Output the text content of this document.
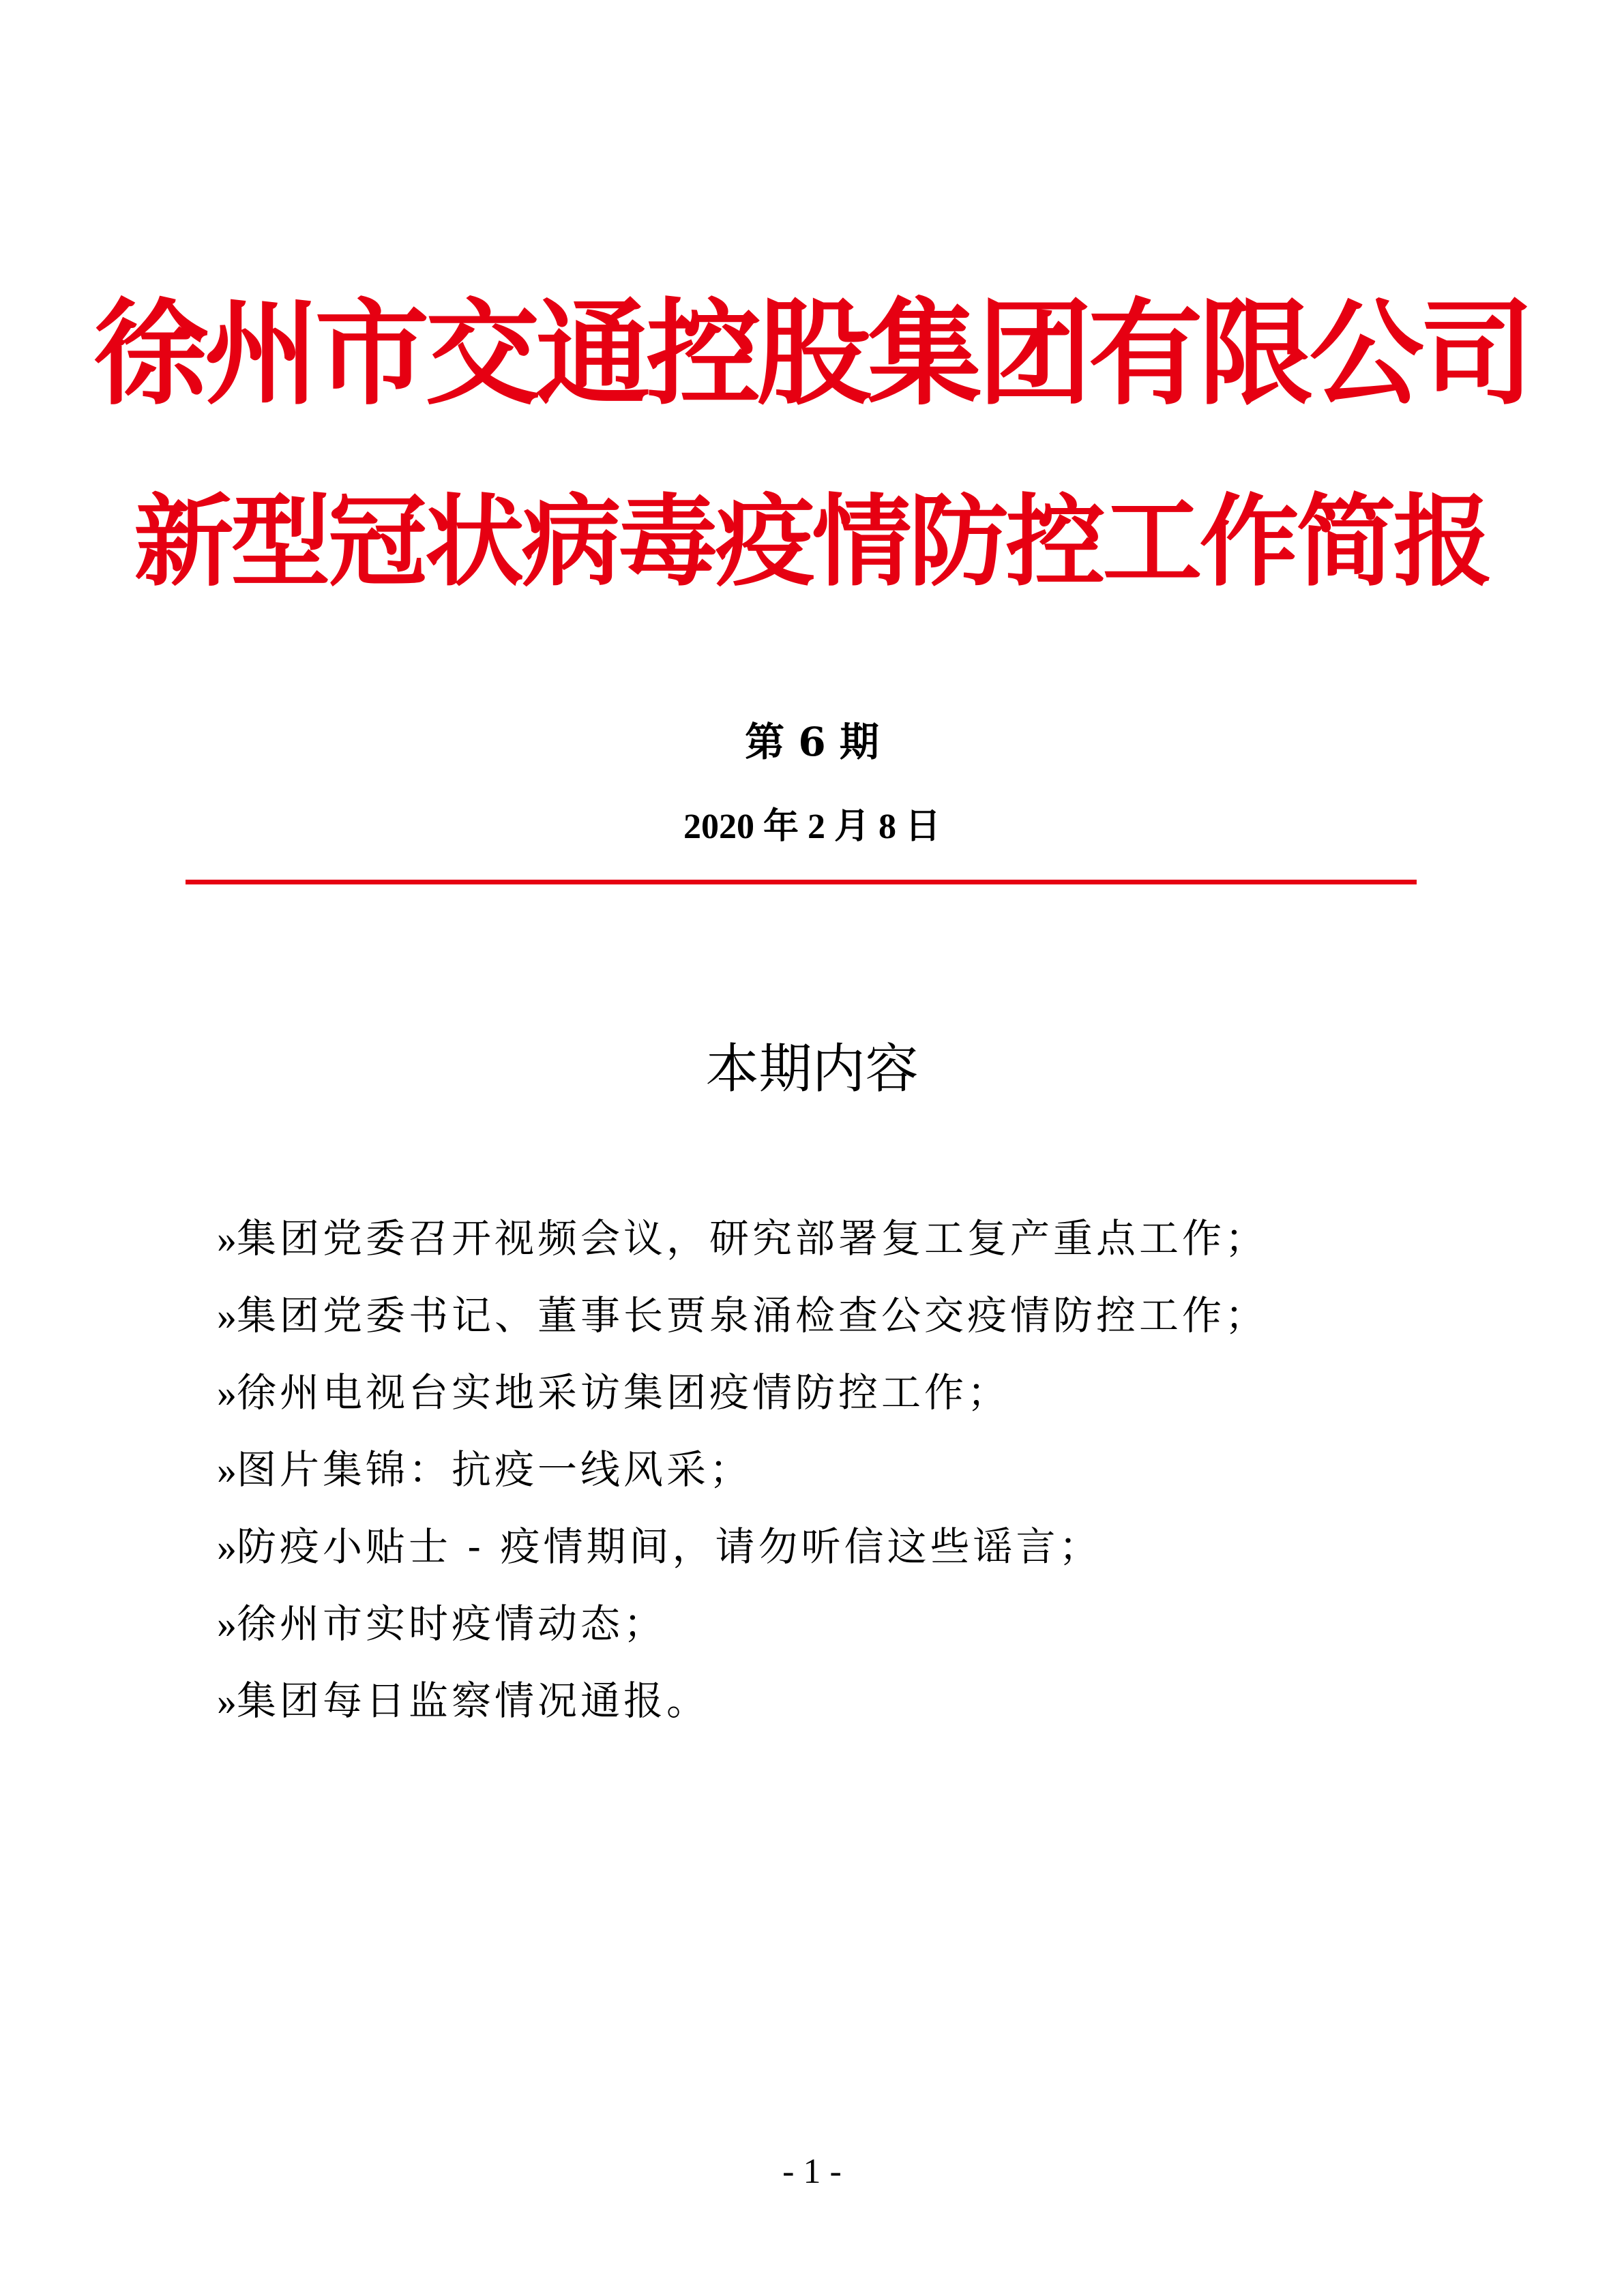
徐州市交通控股集团有限公司
新型冠状病毒疫情防控工作简报
第 6 期
2020 年 2 月 8 日
本期内容
»集团党委召开视频会议，研究部署复工复产重点工作；
»集团党委书记、董事长贾泉涌检查公交疫情防控工作；
»徐州电视台实地采访集团疫情防控工作；
»图片集锦：抗疫一线风采；
»防疫小贴士 - 疫情期间，请勿听信这些谣言；
»徐州市实时疫情动态；
»集团每日监察情况通报。
- 1 -
